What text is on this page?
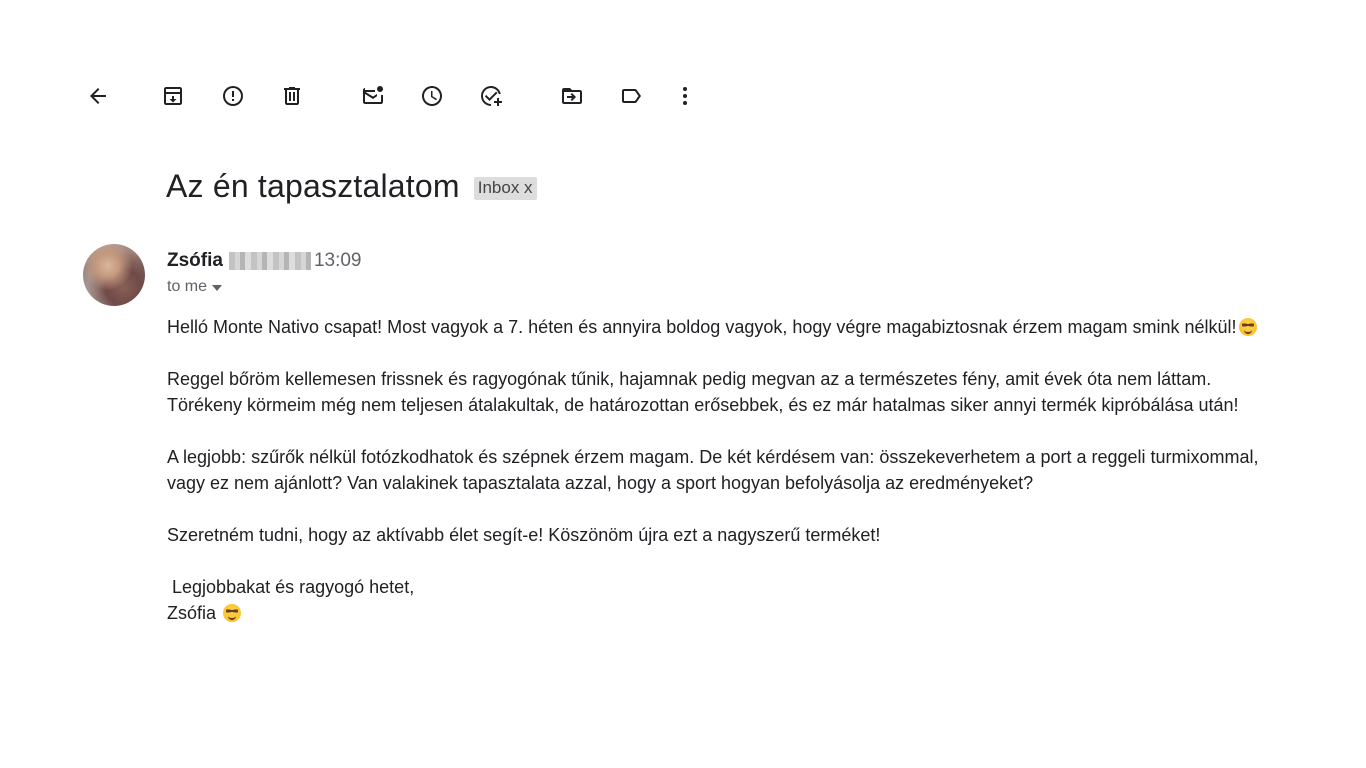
Az én tapasztalatom Inbox x
Zsófia	13:09
to me

Helló Monte Nativo csapat! Most vagyok a 7. héten és annyira boldog vagyok, hogy végre magabiztosnak érzem magam smink nélkül!

Reggel bőröm kellemesen frissnek és ragyogónak tűnik, hajamnak pedig megvan az a természetes fény, amit évek óta nem láttam. Törékeny körmeim még nem teljesen átalakultak, de határozottan erősebbek, és ez már hatalmas siker annyi termék kipróbálása után!

A legjobb: szűrők nélkül fotózkodhatok és szépnek érzem magam. De két kérdésem van: összekeverhetem a port a reggeli turmixommal, vagy ez nem ajánlott? Van valakinek tapasztalata azzal, hogy a sport hogyan befolyásolja az eredményeket?

Szeretném tudni, hogy az aktívabb élet segít-e! Köszönöm újra ezt a nagyszerű terméket!

Legjobbakat és ragyogó hetet,
Zsófia
